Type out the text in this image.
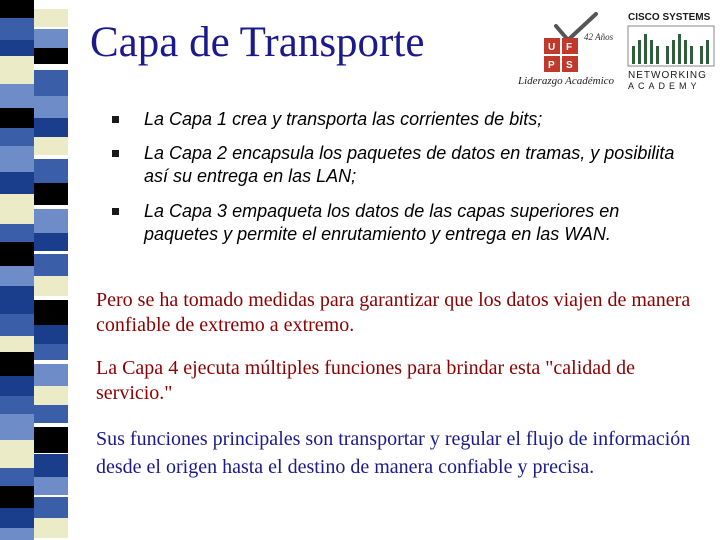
Capa de Transporte	U F
P S
42 Años
Liderazgo Académico
CISCO SYSTEMS
NETWORKING
ACADEMY
La Capa 1 crea y transporta las corrientes de bits;
La Capa 2 encapsula los paquetes de datos en tramas, y posibilita así su entrega en las LAN;
La Capa 3 empaqueta los datos de las capas superiores en paquetes y permite el enrutamiento y entrega en las WAN.
Pero se ha tomado medidas para garantizar que los datos viajen de manera confiable de extremo a extremo.
La Capa 4 ejecuta múltiples funciones para brindar esta "calidad de servicio."
Sus funciones principales son transportar y regular el flujo de información desde el origen hasta el destino de manera confiable y precisa.
